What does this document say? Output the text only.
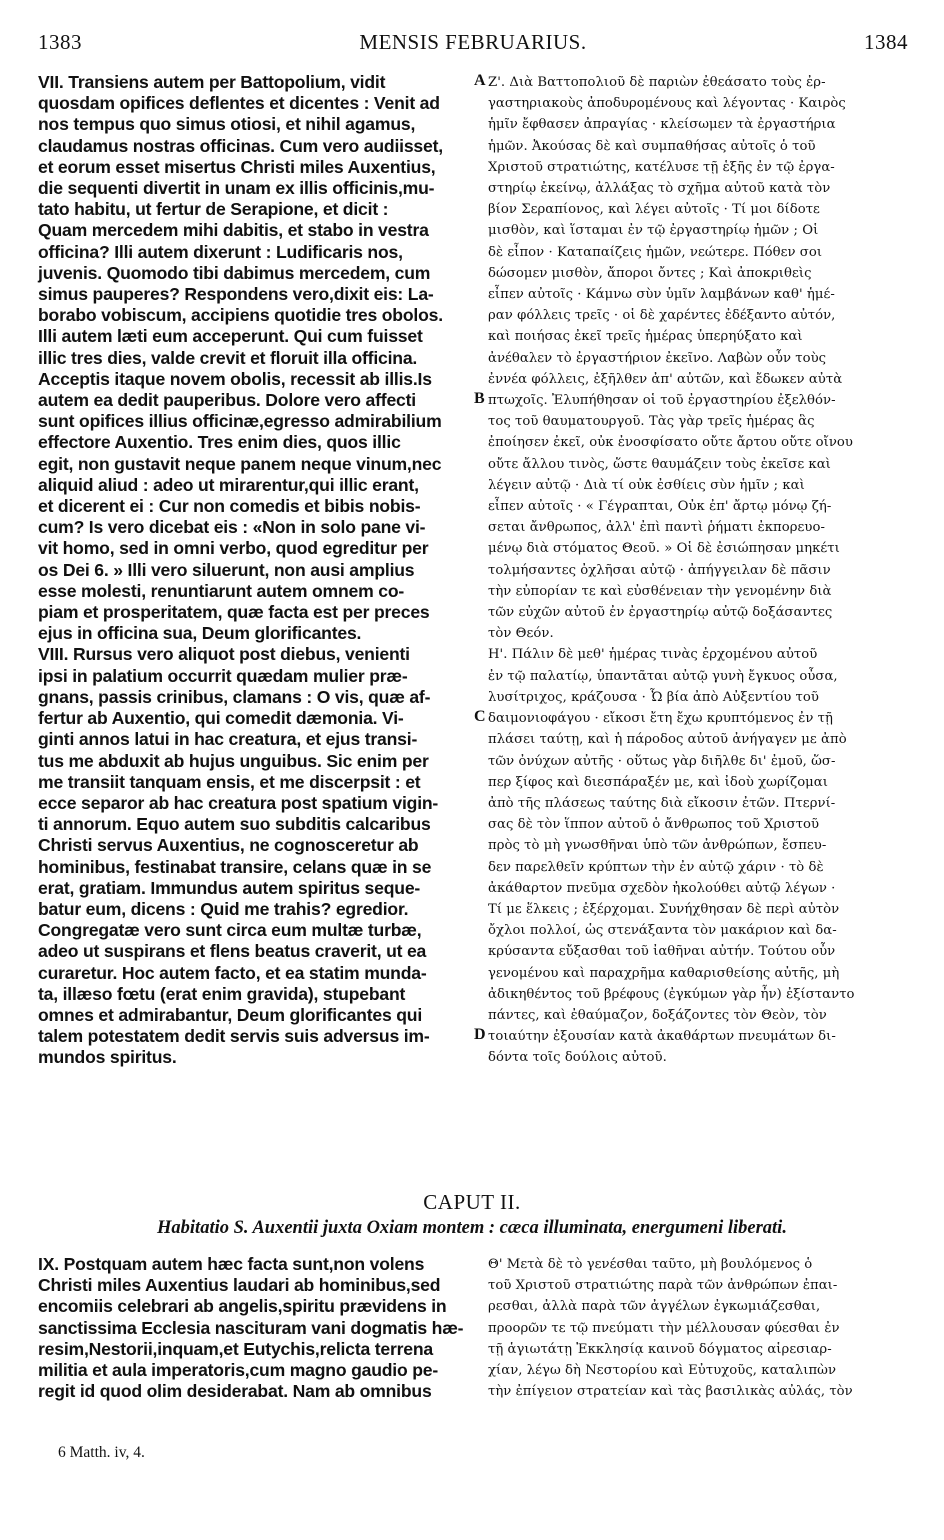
1383	MENSIS FEBRUARIUS.	1384
VII. Transiens autem per Battopolium, vidit
quosdam opifices deflentes et dicentes : Venit ad
nos tempus quo simus otiosi, et nihil agamus,
claudamus nostras officinas. Cum vero audiisset,
et eorum esset misertus Christi miles Auxentius,
die sequenti divertit in unam ex illis officinis,mu-
tato habitu, ut fertur de Serapione, et dicit :
Quam mercedem mihi dabitis, et stabo in vestra
officina? Illi autem dixerunt : Ludificaris nos,
juvenis. Quomodo tibi dabimus mercedem, cum
simus pauperes? Respondens vero,dixit eis: La-
borabo vobiscum, accipiens quotidie tres obolos.
Illi autem læti eum acceperunt. Qui cum fuisset
illic tres dies, valde crevit et floruit illa officina.
Acceptis itaque novem obolis, recessit ab illis.Is
autem ea dedit pauperibus. Dolore vero affecti
sunt opifices illius officinæ,egresso admirabilium
effectore Auxentio. Tres enim dies, quos illic
egit, non gustavit neque panem neque vinum,nec
aliquid aliud : adeo ut mirarentur,qui illic erant,
et dicerent ei : Cur non comedis et bibis nobis-
cum? Is vero dicebat eis : «Non in solo pane vi-
vit homo, sed in omni verbo, quod egreditur per
os Dei 6. » Illi vero siluerunt, non ausi amplius
esse molesti, renuntiarunt autem omnem co-
piam et prosperitatem, quæ facta est per preces
ejus in officina sua, Deum glorificantes.
VIII. Rursus vero aliquot post diebus, venienti
ipsi in palatium occurrit quædam mulier præ-
gnans, passis crinibus, clamans : O vis, quæ af-
fertur ab Auxentio, qui comedit dæmonia. Vi-
ginti annos latui in hac creatura, et ejus transi-
tus me abduxit ab hujus unguibus. Sic enim per
me transiit tanquam ensis, et me discerpsit : et
ecce separor ab hac creatura post spatium vigin-
ti annorum. Equo autem suo subditis calcaribus
Christi servus Auxentius, ne cognosceretur ab
hominibus, festinabat transire, celans quæ in se
erat, gratiam. Immundus autem spiritus seque-
batur eum, dicens : Quid me trahis? egredior.
Congregatæ vero sunt circa eum multæ turbæ,
adeo ut suspirans et flens beatus craverit, ut ea
curaretur. Hoc autem facto, et ea statim munda-
ta, illæso fœtu (erat enim gravida), stupebant
omnes et admirabantur, Deum glorificantes qui
talem potestatem dedit servis suis adversus im-
mundos spiritus.
Ζ'. Διὰ Βαττοπολιοῦ δὲ παριὼν ἐθεάσατο τοὺς ἐρ-
γαστηριακοὺς ἀποδυρομένους καὶ λέγοντας · Καιρὸς
ἡμῖν ἔφθασεν ἀπραγίας · κλείσωμεν τὰ ἐργαστήρια
ἡμῶν. Ἀκούσας δὲ καὶ συμπαθήσας αὐτοῖς ὁ τοῦ
Χριστοῦ στρατιώτης, κατέλυσε τῇ ἑξῆς ἐν τῷ ἐργα-
στηρίῳ ἐκείνῳ, ἀλλάξας τὸ σχῆμα αὐτοῦ κατὰ τὸν
βίον Σεραπίονος, καὶ λέγει αὐτοῖς · Τί μοι δίδοτε
μισθὸν, καὶ ἵσταμαι ἐν τῷ ἐργαστηρίῳ ἡμῶν ; Οἱ
δὲ εἶπον · Καταπαίζεις ἡμῶν, νεώτερε. Πόθεν σοι
δώσομεν μισθὸν, ἄποροι ὄντες ; Καὶ ἀποκριθεὶς
εἶπεν αὐτοῖς · Κάμνω σὺν ὑμῖν λαμβάνων καθ' ἡμέ-
ραν φόλλεις τρεῖς · οἱ δὲ χαρέντες ἐδέξαντο αὐτόν,
καὶ ποιήσας ἐκεῖ τρεῖς ἡμέρας ὑπερηύξατο καὶ
ἀνέθαλεν τὸ ἐργαστήριον ἐκεῖνο. Λαβὼν οὖν τοὺς
ἐννέα φόλλεις, ἐξῆλθεν ἀπ' αὐτῶν, καὶ ἔδωκεν αὐτὰ
πτωχοῖς. Ἐλυπήθησαν οἱ τοῦ ἐργαστηρίου ἐξελθόν-
τος τοῦ θαυματουργοῦ. Τὰς γὰρ τρεῖς ἡμέρας ἃς
ἐποίησεν ἐκεῖ, οὐκ ἐνοσφίσατο οὔτε ἄρτου οὔτε οἴνου
οὔτε ἄλλου τινὸς, ὥστε θαυμάζειν τοὺς ἐκεῖσε καὶ
λέγειν αὐτῷ · Διὰ τί οὐκ ἐσθίεις σὺν ἡμῖν ; καὶ
εἶπεν αὐτοῖς · « Γέγραπται, Οὐκ ἐπ' ἄρτῳ μόνῳ ζή-
σεται ἄνθρωπος, ἀλλ' ἐπὶ παντὶ ῥήματι ἐκπορευο-
μένῳ διὰ στόματος Θεοῦ. » Οἱ δὲ ἐσιώπησαν μηκέτι
τολμήσαντες ὀχλῆσαι αὐτῷ · ἀπήγγειλαν δὲ πᾶσιν
τὴν εὐπορίαν τε καὶ εὐσθένειαν τὴν γενομένην διὰ
τῶν εὐχῶν αὐτοῦ ἐν ἐργαστηρίῳ αὐτῷ δοξάσαντες
τὸν Θεόν.
Η'. Πάλιν δὲ μεθ' ἡμέρας τινὰς ἐρχομένου αὐτοῦ
ἐν τῷ παλατίῳ, ὑπαντᾶται αὐτῷ γυνὴ ἔγκυος οὖσα,
λυσίτριχος, κράζουσα · Ὦ βία ἀπὸ Αὐξεντίου τοῦ
δαιμονιοφάγου · εἴκοσι ἔτη ἔχω κρυπτόμενος ἐν τῇ
πλάσει ταύτῃ, καὶ ἡ πάροδος αὐτοῦ ἀνήγαγεν με ἀπὸ
τῶν ὀνύχων αὐτῆς · οὕτως γὰρ διῆλθε δι' ἐμοῦ, ὥσ-
περ ξίφος καὶ διεσπάραξέν με, καὶ ἰδοὺ χωρίζομαι
ἀπὸ τῆς πλάσεως ταύτης διὰ εἴκοσιν ἐτῶν. Πτερνί-
σας δὲ τὸν ἵππον αὐτοῦ ὁ ἄνθρωπος τοῦ Χριστοῦ
πρὸς τὸ μὴ γνωσθῆναι ὑπὸ τῶν ἀνθρώπων, ἔσπευ-
δεν παρελθεῖν κρύπτων τὴν ἐν αὐτῷ χάριν · τὸ δὲ
ἀκάθαρτον πνεῦμα σχεδὸν ἠκολούθει αὐτῷ λέγων ·
Τί με ἕλκεις ; ἐξέρχομαι. Συνήχθησαν δὲ περὶ αὐτὸν
ὄχλοι πολλοί, ὡς στενάξαντα τὸν μακάριον καὶ δα-
κρύσαντα εὔξασθαι τοῦ ἰαθῆναι αὐτήν. Τούτου οὖν
γενομένου καὶ παραχρῆμα καθαρισθείσης αὐτῆς, μὴ
ἀδικηθέντος τοῦ βρέφους (ἐγκύμων γὰρ ἦν) ἐξίσταντο
πάντες, καὶ ἐθαύμαζον, δοξάζοντες τὸν Θεὸν, τὸν
τοιαύτην ἐξουσίαν κατὰ ἀκαθάρτων πνευμάτων δι-
δόντα τοῖς δούλοις αὐτοῦ.
A
B
C
D
CAPUT II.
Habitatio S. Auxentii juxta Oxiam montem : cæca illuminata, energumeni liberati.
IX. Postquam autem hæc facta sunt,non volens
Christi miles Auxentius laudari ab hominibus,sed
encomiis celebrari ab angelis,spiritu prævidens in
sanctissima Ecclesia nascituram vani dogmatis hæ-
resim,Nestorii,inquam,et Eutychis,relicta terrena
militia et aula imperatoris,cum magno gaudio pe-
regit id quod olim desiderabat. Nam ab omnibus
Θ' Μετὰ δὲ τὸ γενέσθαι ταῦτο, μὴ βουλόμενος ὁ
τοῦ Χριστοῦ στρατιώτης παρὰ τῶν ἀνθρώπων ἐπαι-
ρεσθαι, ἀλλὰ παρὰ τῶν ἀγγέλων ἐγκωμιάζεσθαι,
προορῶν τε τῷ πνεύματι τὴν μέλλουσαν φύεσθαι ἐν
τῇ ἁγιωτάτῃ Ἐκκλησίᾳ καινοῦ δόγματος αἱρεσιαρ-
χίαν, λέγω δὴ Νεστορίου καὶ Εὐτυχοῦς, καταλιπὼν
τὴν ἐπίγειον στρατείαν καὶ τὰς βασιλικὰς αὐλάς, τὸν
6 Matth. iv, 4.
